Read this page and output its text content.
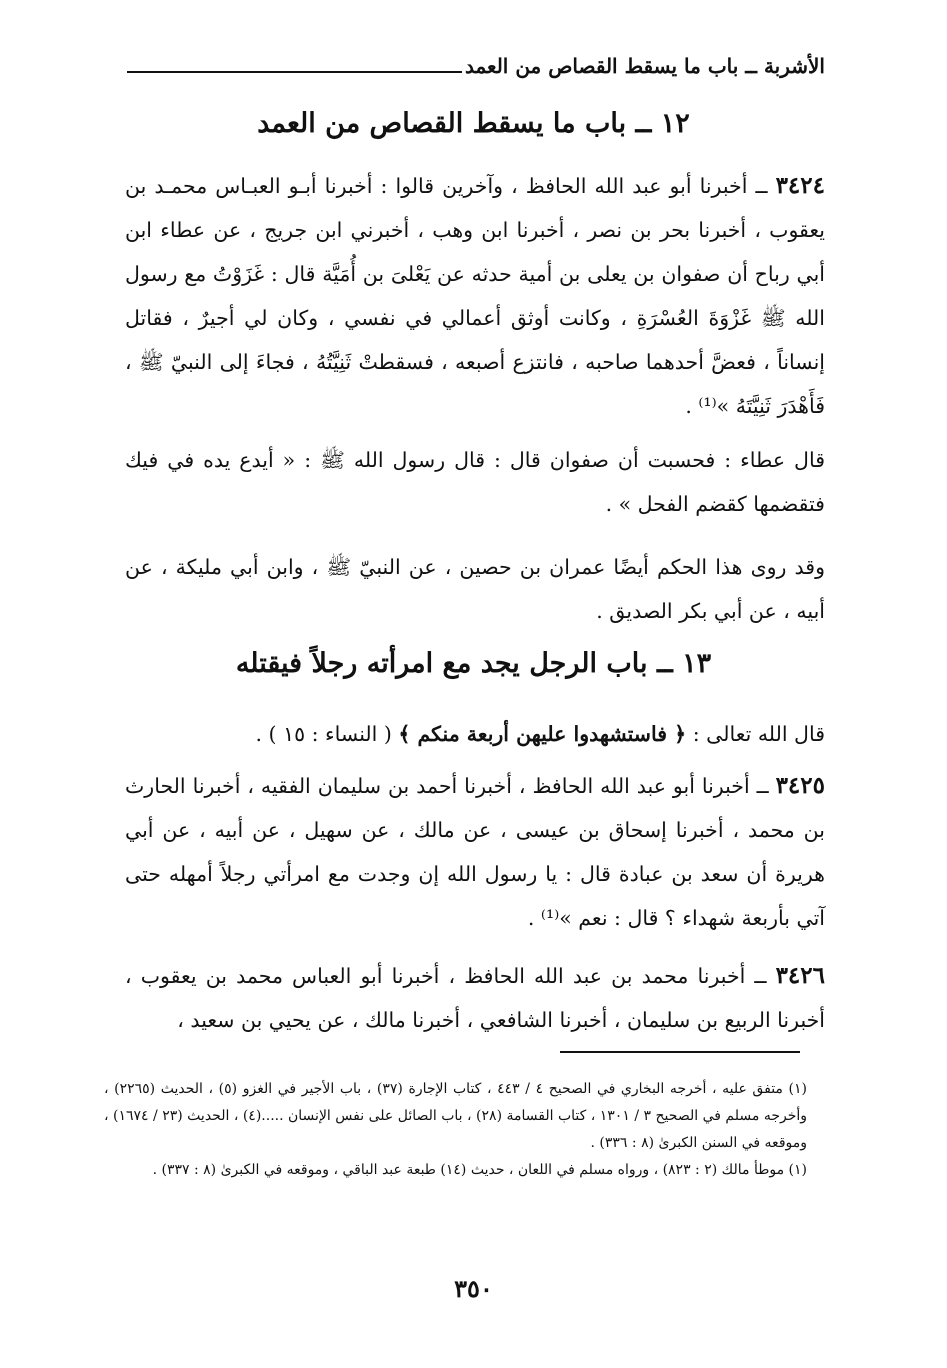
الأشربة ــ باب ما يسقط القصاص من العمد
١٢ ــ باب ما يسقط القصاص من العمد
٣٤٢٤ ــ أخبرنا أبو عبد الله الحافظ ، وآخرين قالوا : أخبرنا أبـو العبـاس محمـد بن يعقوب ، أخبرنا بحر بن نصر ، أخبرنا ابن وهب ، أخبرني ابن جريج ، عن عطاء ابن أبي رباح أن صفوان بن يعلى بن أمية حدثه عن يَعْلىَ بن أُمَيَّة قال : غَزَوْتُ مع رسول الله ﷺ غَزْوَةَ العُسْرَةِ ، وكانت أوثق أعمالي في نفسي ، وكان لي أجيرٌ ، فقاتل إنساناً ، فعضَّ أحدهما صاحبه ، فانتزع أصبعه ، فسقطتْ ثَنِيَّتُهُ ، فجاءَ إلى النبيّ ﷺ ، فَأَهْدَرَ ثَنِيَّتَهُ »⁽¹⁾ .
قال عطاء : فحسبت أن صفوان قال : قال رسول الله ﷺ : « أيدع يده في فيك فتقضمها كقضم الفحل » .
وقد روى هذا الحكم أيضًا عمران بن حصين ، عن النبيّ ﷺ ، وابن أبي مليكة ، عن أبيه ، عن أبي بكر الصديق .
١٣ ــ باب الرجل يجد مع امرأته رجلاً فيقتله
قال الله تعالى : ﴿ فاستشهدوا عليهن أربعة منكم ﴾ ( النساء : ١٥ ) .
٣٤٢٥ ــ أخبرنا أبو عبد الله الحافظ ، أخبرنا أحمد بن سليمان الفقيه ، أخبرنا الحارث بن محمد ، أخبرنا إسحاق بن عيسى ، عن مالك ، عن سهيل ، عن أبيه ، عن أبي هريرة أن سعد بن عبادة قال : يا رسول الله إن وجدت مع امرأتي رجلاً أمهله حتى آتي بأربعة شهداء ؟ قال : نعم »⁽¹⁾ .
٣٤٢٦ ــ أخبرنا محمد بن عبد الله الحافظ ، أخبرنا أبو العباس محمد بن يعقوب ، أخبرنا الربيع بن سليمان ، أخبرنا الشافعي ، أخبرنا مالك ، عن يحيي بن سعيد ،

(١) متفق عليه ، أخرجه البخاري في الصحيح ٤ / ٤٤٣ ، كتاب الإجارة (٣٧) ، باب الأجير في الغزو (٥) ، الحديث (٢٢٦٥) ، وأخرجه مسلم في الصحيح ٣ / ١٣٠١ ، كتاب القسامة (٢٨) ، باب الصائل على نفس الإنسان .....(٤) ، الحديث (٢٣ / ١٦٧٤) ، وموقعه في السنن الكبرىٰ (٨ : ٣٣٦) .

(١) موطأ مالك (٢ : ٨٢٣) ، ورواه مسلم في اللعان ، حديث (١٤) طبعة عبد الباقي ، وموقعه في الكبرىٰ (٨ : ٣٣٧) .

٣٥٠
